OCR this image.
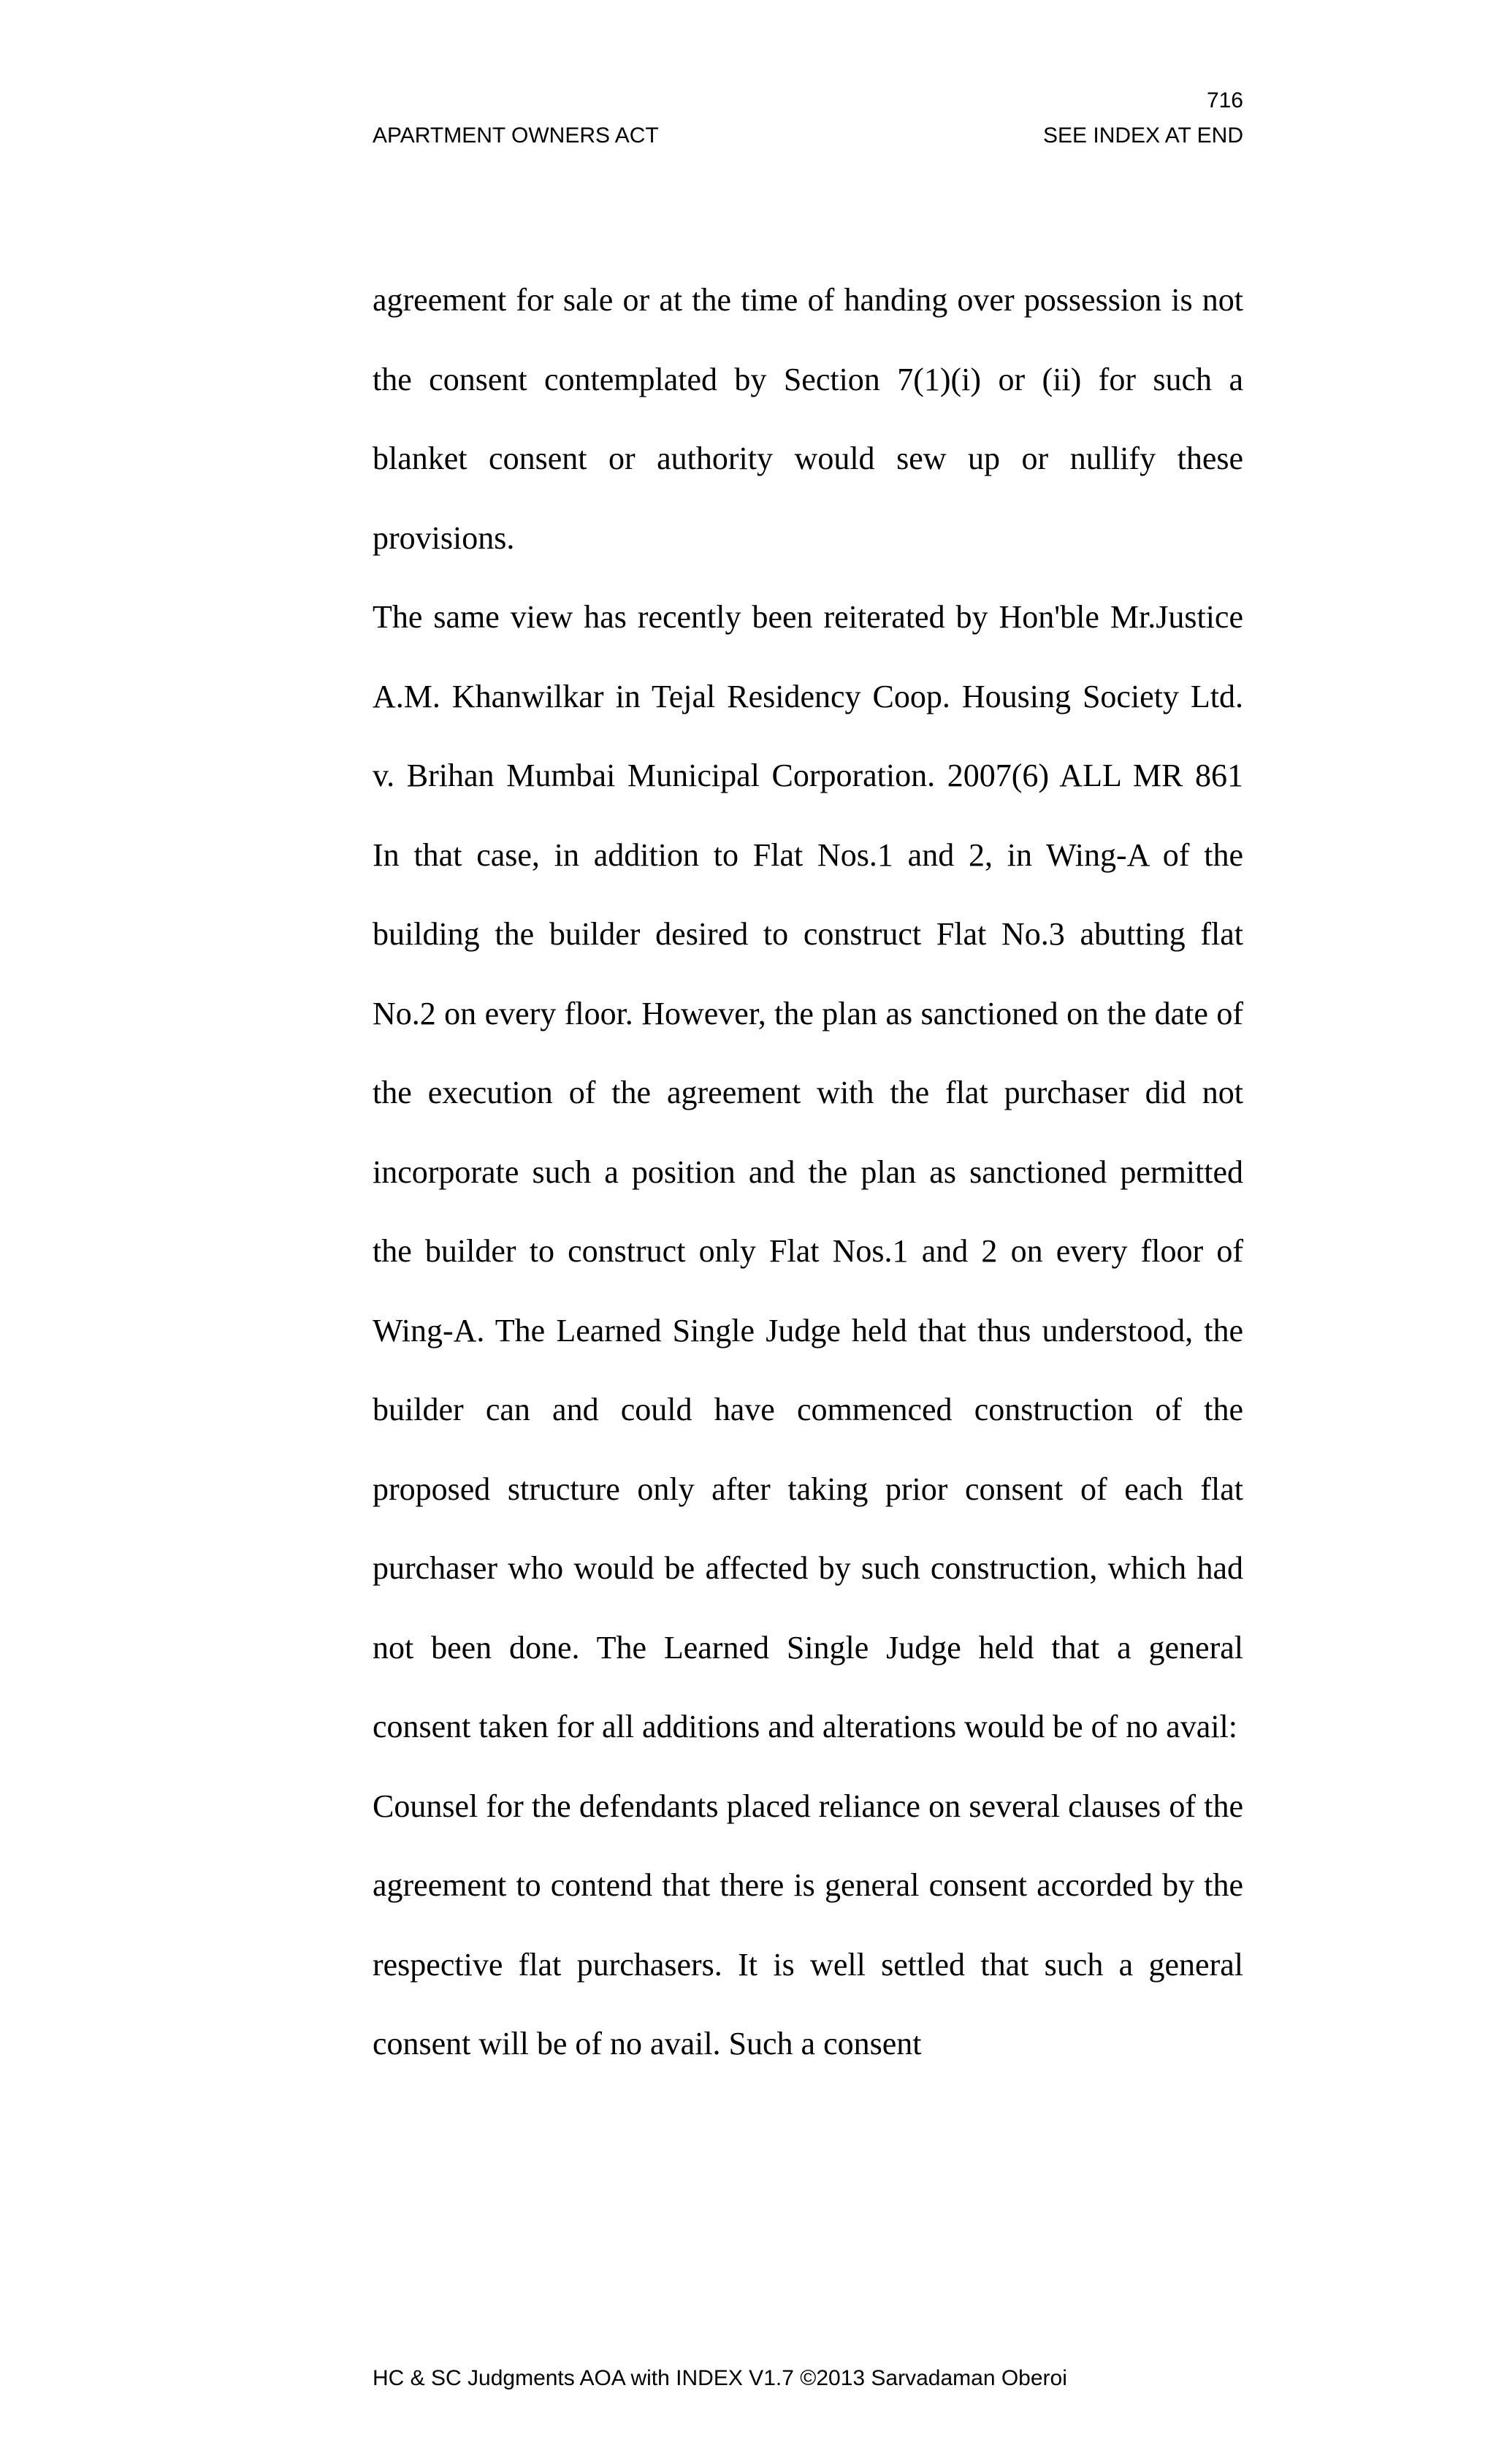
716
APARTMENT OWNERS ACT	SEE INDEX AT END

agreement for sale or at the time of handing over possession is not the consent contemplated by Section 7(1)(i) or (ii) for such a blanket consent or authority would sew up or nullify these provisions.

The same view has recently been reiterated by Hon'ble Mr.Justice A.M. Khanwilkar in Tejal Residency Coop. Housing Society Ltd. v. Brihan Mumbai Municipal Corporation. 2007(6) ALL MR 861 In that case, in addition to Flat Nos.1 and 2, in Wing-A of the building the builder desired to construct Flat No.3 abutting flat No.2 on every floor. However, the plan as sanctioned on the date of the execution of the agreement with the flat purchaser did not incorporate such a position and the plan as sanctioned permitted the builder to construct only Flat Nos.1 and 2 on every floor of Wing-A. The Learned Single Judge held that thus understood, the builder can and could have commenced construction of the proposed structure only after taking prior consent of each flat purchaser who would be affected by such construction, which had not been done. The Learned Single Judge held that a general consent taken for all additions and alterations would be of no avail:

Counsel for the defendants placed reliance on several clauses of the agreement to contend that there is general consent accorded by the respective flat purchasers. It is well settled that such a general consent will be of no avail. Such a consent

HC & SC Judgments AOA with INDEX V1.7 ©2013 Sarvadaman Oberoi
